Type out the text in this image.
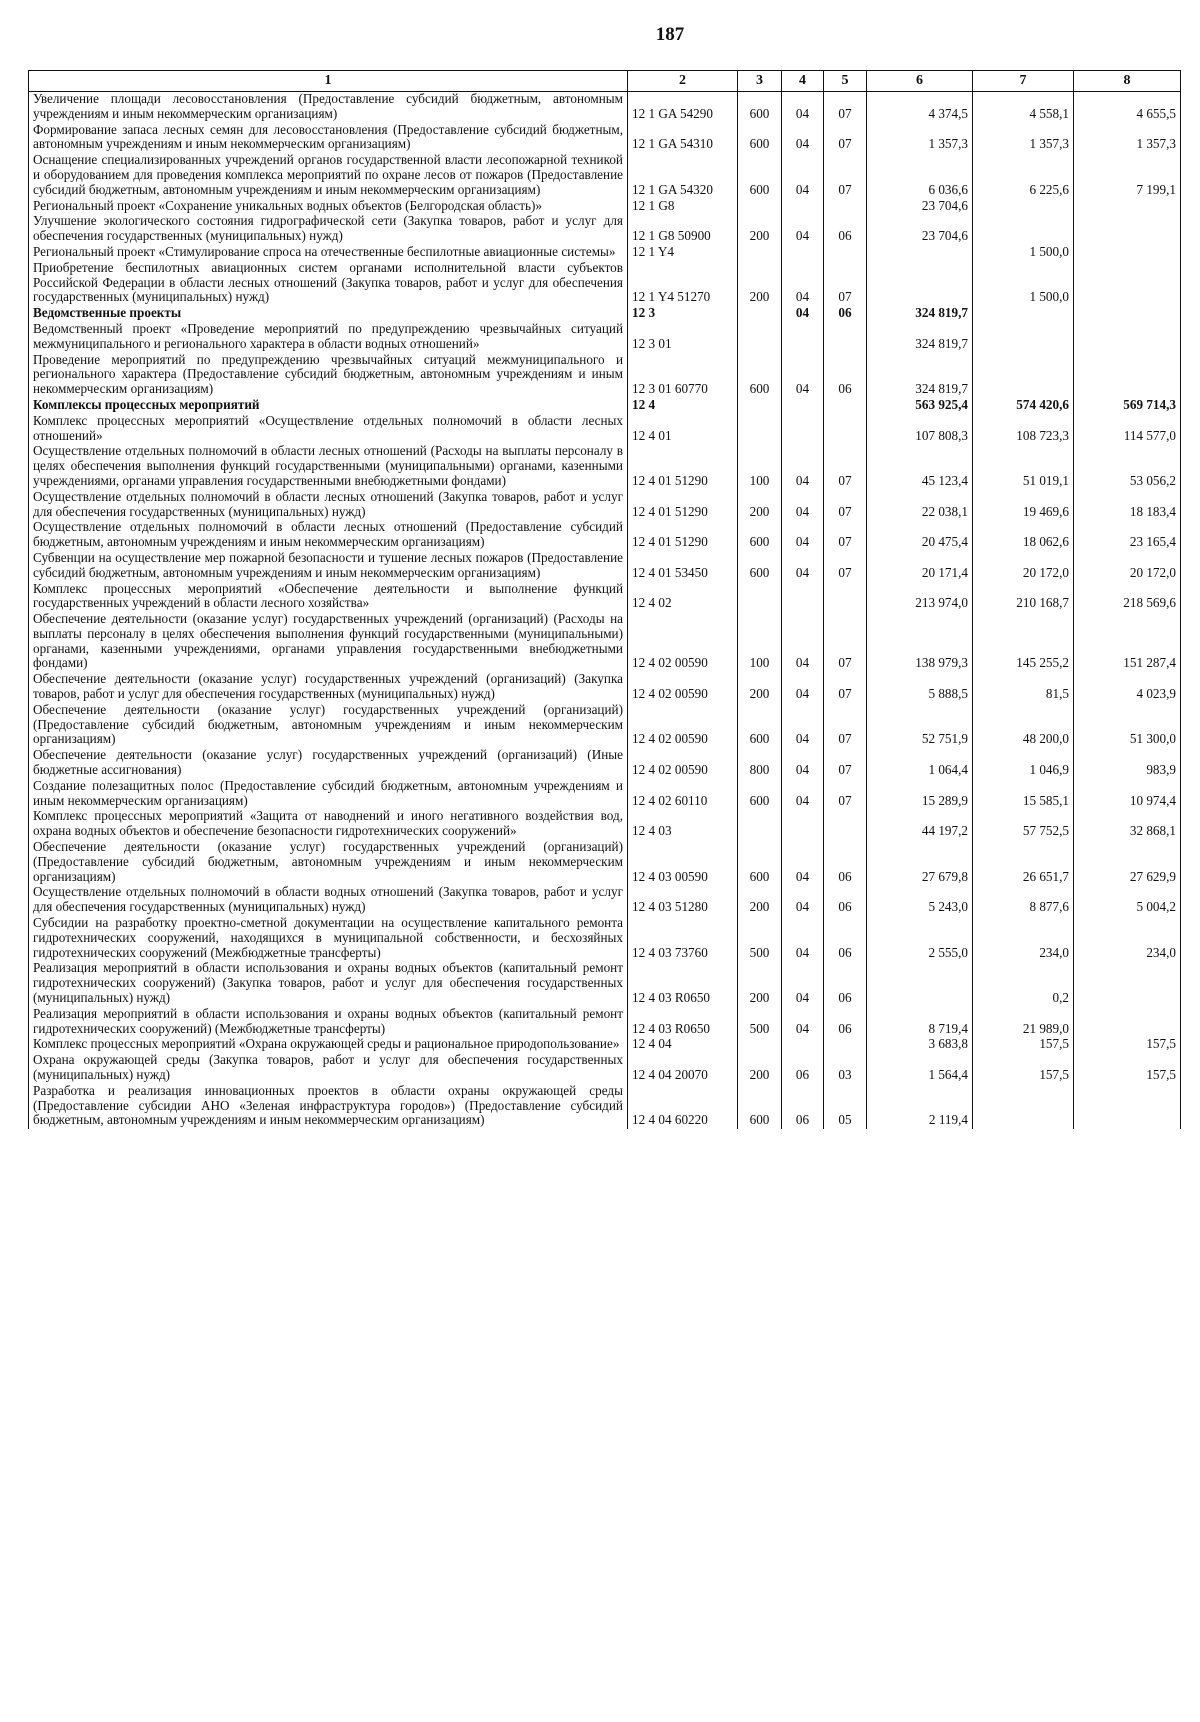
187
1	2	3	4	5	6	7	8
Увеличение площади лесовосстановления (Предоставление субсидий бюджетным, автономным учреждениям и иным некоммерческим организациям)	12 1 GA 54290	600	04	07	4 374,5	4 558,1	4 655,5
Формирование запаса лесных семян для лесовосстановления (Предоставление субсидий бюджетным, автономным учреждениям и иным некоммерческим организациям)	12 1 GA 54310	600	04	07	1 357,3	1 357,3	1 357,3
Оснащение специализированных учреждений органов государственной власти лесопожарной техникой и оборудованием для проведения комплекса мероприятий по охране лесов от пожаров (Предоставление субсидий бюджетным, автономным учреждениям и иным некоммерческим организациям)	12 1 GA 54320	600	04	07	6 036,6	6 225,6	7 199,1
Региональный проект «Сохранение уникальных водных объектов (Белгородская область)»	12 1 G8				23 704,6		
Улучшение экологического состояния гидрографической сети (Закупка товаров, работ и услуг для обеспечения государственных (муниципальных) нужд)	12 1 G8 50900	200	04	06	23 704,6		
Региональный проект «Стимулирование спроса на отечественные беспилотные авиационные системы»	12 1 Y4					1 500,0	
Приобретение беспилотных авиационных систем органами исполнительной власти субъектов Российской Федерации в области лесных отношений (Закупка товаров, работ и услуг для обеспечения государственных (муниципальных) нужд)	12 1 Y4 51270	200	04	07		1 500,0	
Ведомственные проекты	12 3		04	06	324 819,7		
Ведомственный проект «Проведение мероприятий по предупреждению чрезвычайных ситуаций межмуниципального и регионального характера в области водных отношений»	12 3 01				324 819,7		
Проведение мероприятий по предупреждению чрезвычайных ситуаций межмуниципального и регионального характера (Предоставление субсидий бюджетным, автономным учреждениям и иным некоммерческим организациям)	12 3 01 60770	600	04	06	324 819,7		
Комплексы процессных мероприятий	12 4				563 925,4	574 420,6	569 714,3
Комплекс процессных мероприятий «Осуществление отдельных полномочий в области лесных отношений»	12 4 01				107 808,3	108 723,3	114 577,0
Осуществление отдельных полномочий в области лесных отношений (Расходы на выплаты персоналу в целях обеспечения выполнения функций государственными (муниципальными) органами, казенными учреждениями, органами управления государственными внебюджетными фондами)	12 4 01 51290	100	04	07	45 123,4	51 019,1	53 056,2
Осуществление отдельных полномочий в области лесных отношений (Закупка товаров, работ и услуг для обеспечения государственных (муниципальных) нужд)	12 4 01 51290	200	04	07	22 038,1	19 469,6	18 183,4
Осуществление отдельных полномочий в области лесных отношений (Предоставление субсидий бюджетным, автономным учреждениям и иным некоммерческим организациям)	12 4 01 51290	600	04	07	20 475,4	18 062,6	23 165,4
Субвенции на осуществление мер пожарной безопасности и тушение лесных пожаров (Предоставление субсидий бюджетным, автономным учреждениям и иным некоммерческим организациям)	12 4 01 53450	600	04	07	20 171,4	20 172,0	20 172,0
Комплекс процессных мероприятий «Обеспечение деятельности и выполнение функций государственных учреждений в области лесного хозяйства»	12 4 02				213 974,0	210 168,7	218 569,6
Обеспечение деятельности (оказание услуг) государственных учреждений (организаций) (Расходы на выплаты персоналу в целях обеспечения выполнения функций государственными (муниципальными) органами, казенными учреждениями, органами управления государственными внебюджетными фондами)	12 4 02 00590	100	04	07	138 979,3	145 255,2	151 287,4
Обеспечение деятельности (оказание услуг) государственных учреждений (организаций) (Закупка товаров, работ и услуг для обеспечения государственных (муниципальных) нужд)	12 4 02 00590	200	04	07	5 888,5	81,5	4 023,9
Обеспечение деятельности (оказание услуг) государственных учреждений (организаций) (Предоставление субсидий бюджетным, автономным учреждениям и иным некоммерческим организациям)	12 4 02 00590	600	04	07	52 751,9	48 200,0	51 300,0
Обеспечение деятельности (оказание услуг) государственных учреждений (организаций) (Иные бюджетные ассигнования)	12 4 02 00590	800	04	07	1 064,4	1 046,9	983,9
Создание полезащитных полос (Предоставление субсидий бюджетным, автономным учреждениям и иным некоммерческим организациям)	12 4 02 60110	600	04	07	15 289,9	15 585,1	10 974,4
Комплекс процессных мероприятий «Защита от наводнений и иного негативного воздействия вод, охрана водных объектов и обеспечение безопасности гидротехнических сооружений»	12 4 03				44 197,2	57 752,5	32 868,1
Обеспечение деятельности (оказание услуг) государственных учреждений (организаций) (Предоставление субсидий бюджетным, автономным учреждениям и иным некоммерческим организациям)	12 4 03 00590	600	04	06	27 679,8	26 651,7	27 629,9
Осуществление отдельных полномочий в области водных отношений (Закупка товаров, работ и услуг для обеспечения государственных (муниципальных) нужд)	12 4 03 51280	200	04	06	5 243,0	8 877,6	5 004,2
Субсидии на разработку проектно-сметной документации на осуществление капитального ремонта гидротехнических сооружений, находящихся в муниципальной собственности, и бесхозяйных гидротехнических сооружений (Межбюджетные трансферты)	12 4 03 73760	500	04	06	2 555,0	234,0	234,0
Реализация мероприятий в области использования и охраны водных объектов (капитальный ремонт гидротехнических сооружений) (Закупка товаров, работ и услуг для обеспечения государственных (муниципальных) нужд)	12 4 03 R0650	200	04	06		0,2	
Реализация мероприятий в области использования и охраны водных объектов (капитальный ремонт гидротехнических сооружений) (Межбюджетные трансферты)	12 4 03 R0650	500	04	06	8 719,4	21 989,0	
Комплекс процессных мероприятий «Охрана окружающей среды и рациональное природопользование»	12 4 04				3 683,8	157,5	157,5
Охрана окружающей среды (Закупка товаров, работ и услуг для обеспечения государственных (муниципальных) нужд)	12 4 04 20070	200	06	03	1 564,4	157,5	157,5
Разработка и реализация инновационных проектов в области охраны окружающей среды (Предоставление субсидии АНО «Зеленая инфраструктура городов») (Предоставление субсидий бюджетным, автономным учреждениям и иным некоммерческим организациям)	12 4 04 60220	600	06	05	2 119,4		
